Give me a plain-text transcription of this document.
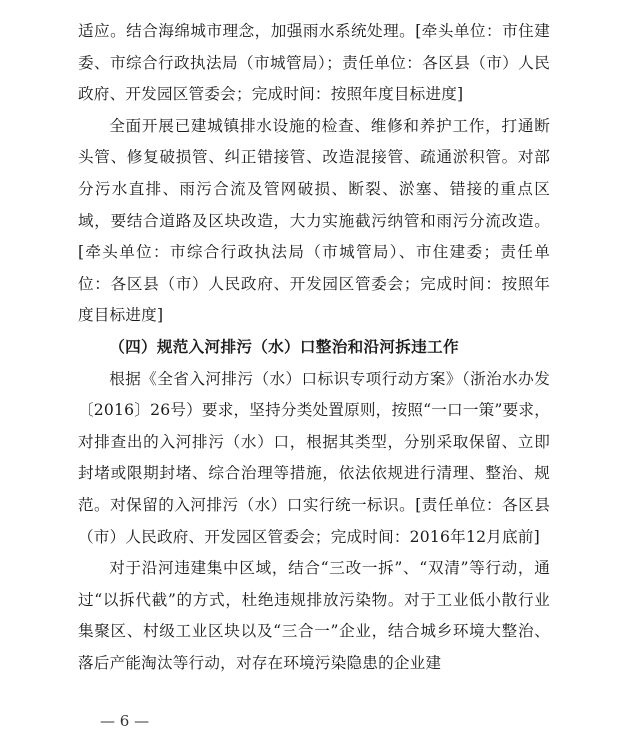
适应。结合海绵城市理念，加强雨水系统处理。[牵头单位：市住建委、市综合行政执法局（市城管局）；责任单位：各区县（市）人民政府、开发园区管委会；完成时间：按照年度目标进度]

全面开展已建城镇排水设施的检查、维修和养护工作，打通断头管、修复破损管、纠正错接管、改造混接管、疏通淤积管。对部分污水直排、雨污合流及管网破损、断裂、淤塞、错接的重点区域，要结合道路及区块改造，大力实施截污纳管和雨污分流改造。[牵头单位：市综合行政执法局（市城管局）、市住建委；责任单位：各区县（市）人民政府、开发园区管委会；完成时间：按照年度目标进度]

（四）规范入河排污（水）口整治和沿河拆违工作

根据《全省入河排污（水）口标识专项行动方案》（浙治水办发〔2016〕26号）要求，坚持分类处置原则，按照“一口一策”要求，对排查出的入河排污（水）口，根据其类型，分别采取保留、立即封堵或限期封堵、综合治理等措施，依法依规进行清理、整治、规范。对保留的入河排污（水）口实行统一标识。[责任单位：各区县（市）人民政府、开发园区管委会；完成时间：2016年12月底前]

对于沿河违建集中区域，结合“三改一拆”、“双清”等行动，通过“以拆代截”的方式，杜绝违规排放污染物。对于工业低小散行业集聚区、村级工业区块以及“三合一”企业，结合城乡环境大整治、落后产能淘汰等行动，对存在环境污染隐患的企业建

— 6 —
